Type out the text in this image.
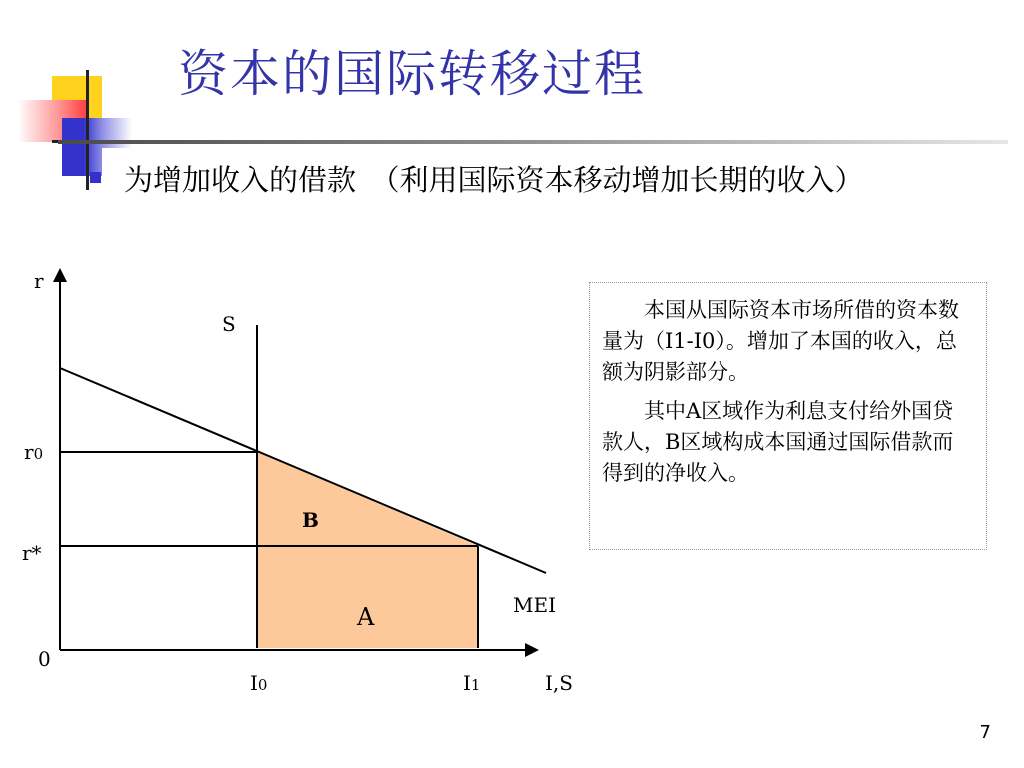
资本的国际转移过程
为增加收入的借款　（利用国际资本移动增加长期的收入）
r
S
r0
r*
0
B
A	MEI
I0	I1	I,S

本国从国际资本市场所借的资本数量为（I1-I0）。增加了本国的收入，总额为阴影部分。

其中A区域作为利息支付给外国贷款人，B区域构成本国通过国际借款而得到的净收入。

7
